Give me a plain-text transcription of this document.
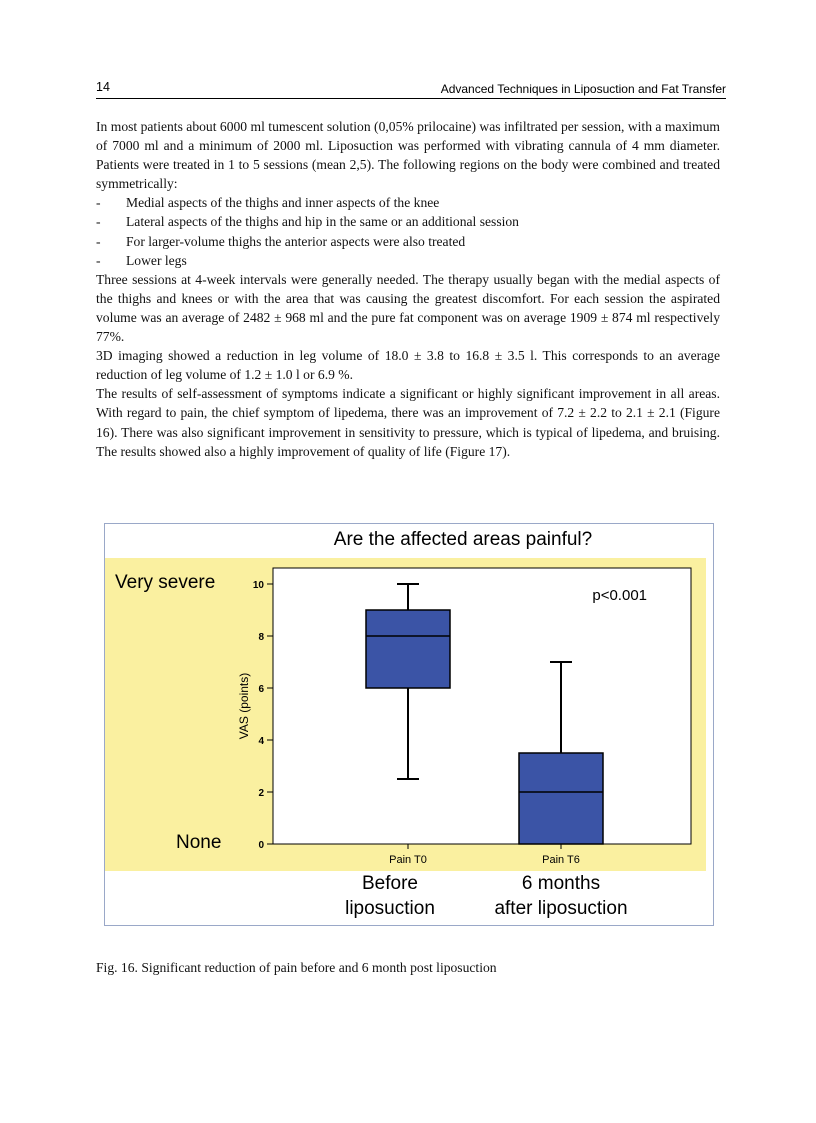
14	Advanced Techniques in Liposuction and Fat Transfer

In most patients about 6000 ml tumescent solution (0,05% prilocaine) was infiltrated per session, with a maximum of 7000 ml and a minimum of 2000 ml. Liposuction was performed with vibrating cannula of 4 mm diameter. Patients were treated in 1 to 5 sessions (mean 2,5). The following regions on the body were combined and treated symmetrically:

- Medial aspects of the thighs and inner aspects of the knee
- Lateral aspects of the thighs and hip in the same or an additional session
- For larger-volume thighs the anterior aspects were also treated
- Lower legs

Three sessions at 4-week intervals were generally needed. The therapy usually began with the medial aspects of the thighs and knees or with the area that was causing the greatest discomfort. For each session the aspirated volume was an average of 2482 ± 968 ml and the pure fat component was on average 1909 ± 874 ml respectively 77%.

3D imaging showed a reduction in leg volume of 18.0 ± 3.8 to 16.8 ± 3.5 l. This corresponds to an average reduction of leg volume of 1.2 ± 1.0 l or 6.9 %.

The results of self-assessment of symptoms indicate a significant or highly significant improvement in all areas. With regard to pain, the chief symptom of lipedema, there was an improvement of 7.2 ± 2.2 to 2.1 ± 2.1 (Figure 16). There was also significant improvement in sensitivity to pressure, which is typical of lipedema, and bruising. The results showed also a highly improvement of quality of life (Figure 17).

Are the affected areas painful?
Very severe
None
VAS (points)
p<0.001
0
2
4
6
8
10
Pain T0
Before
liposuction
Pain T6
6 months
after liposuction
Fig. 16. Significant reduction of pain before and 6 month post liposuction
